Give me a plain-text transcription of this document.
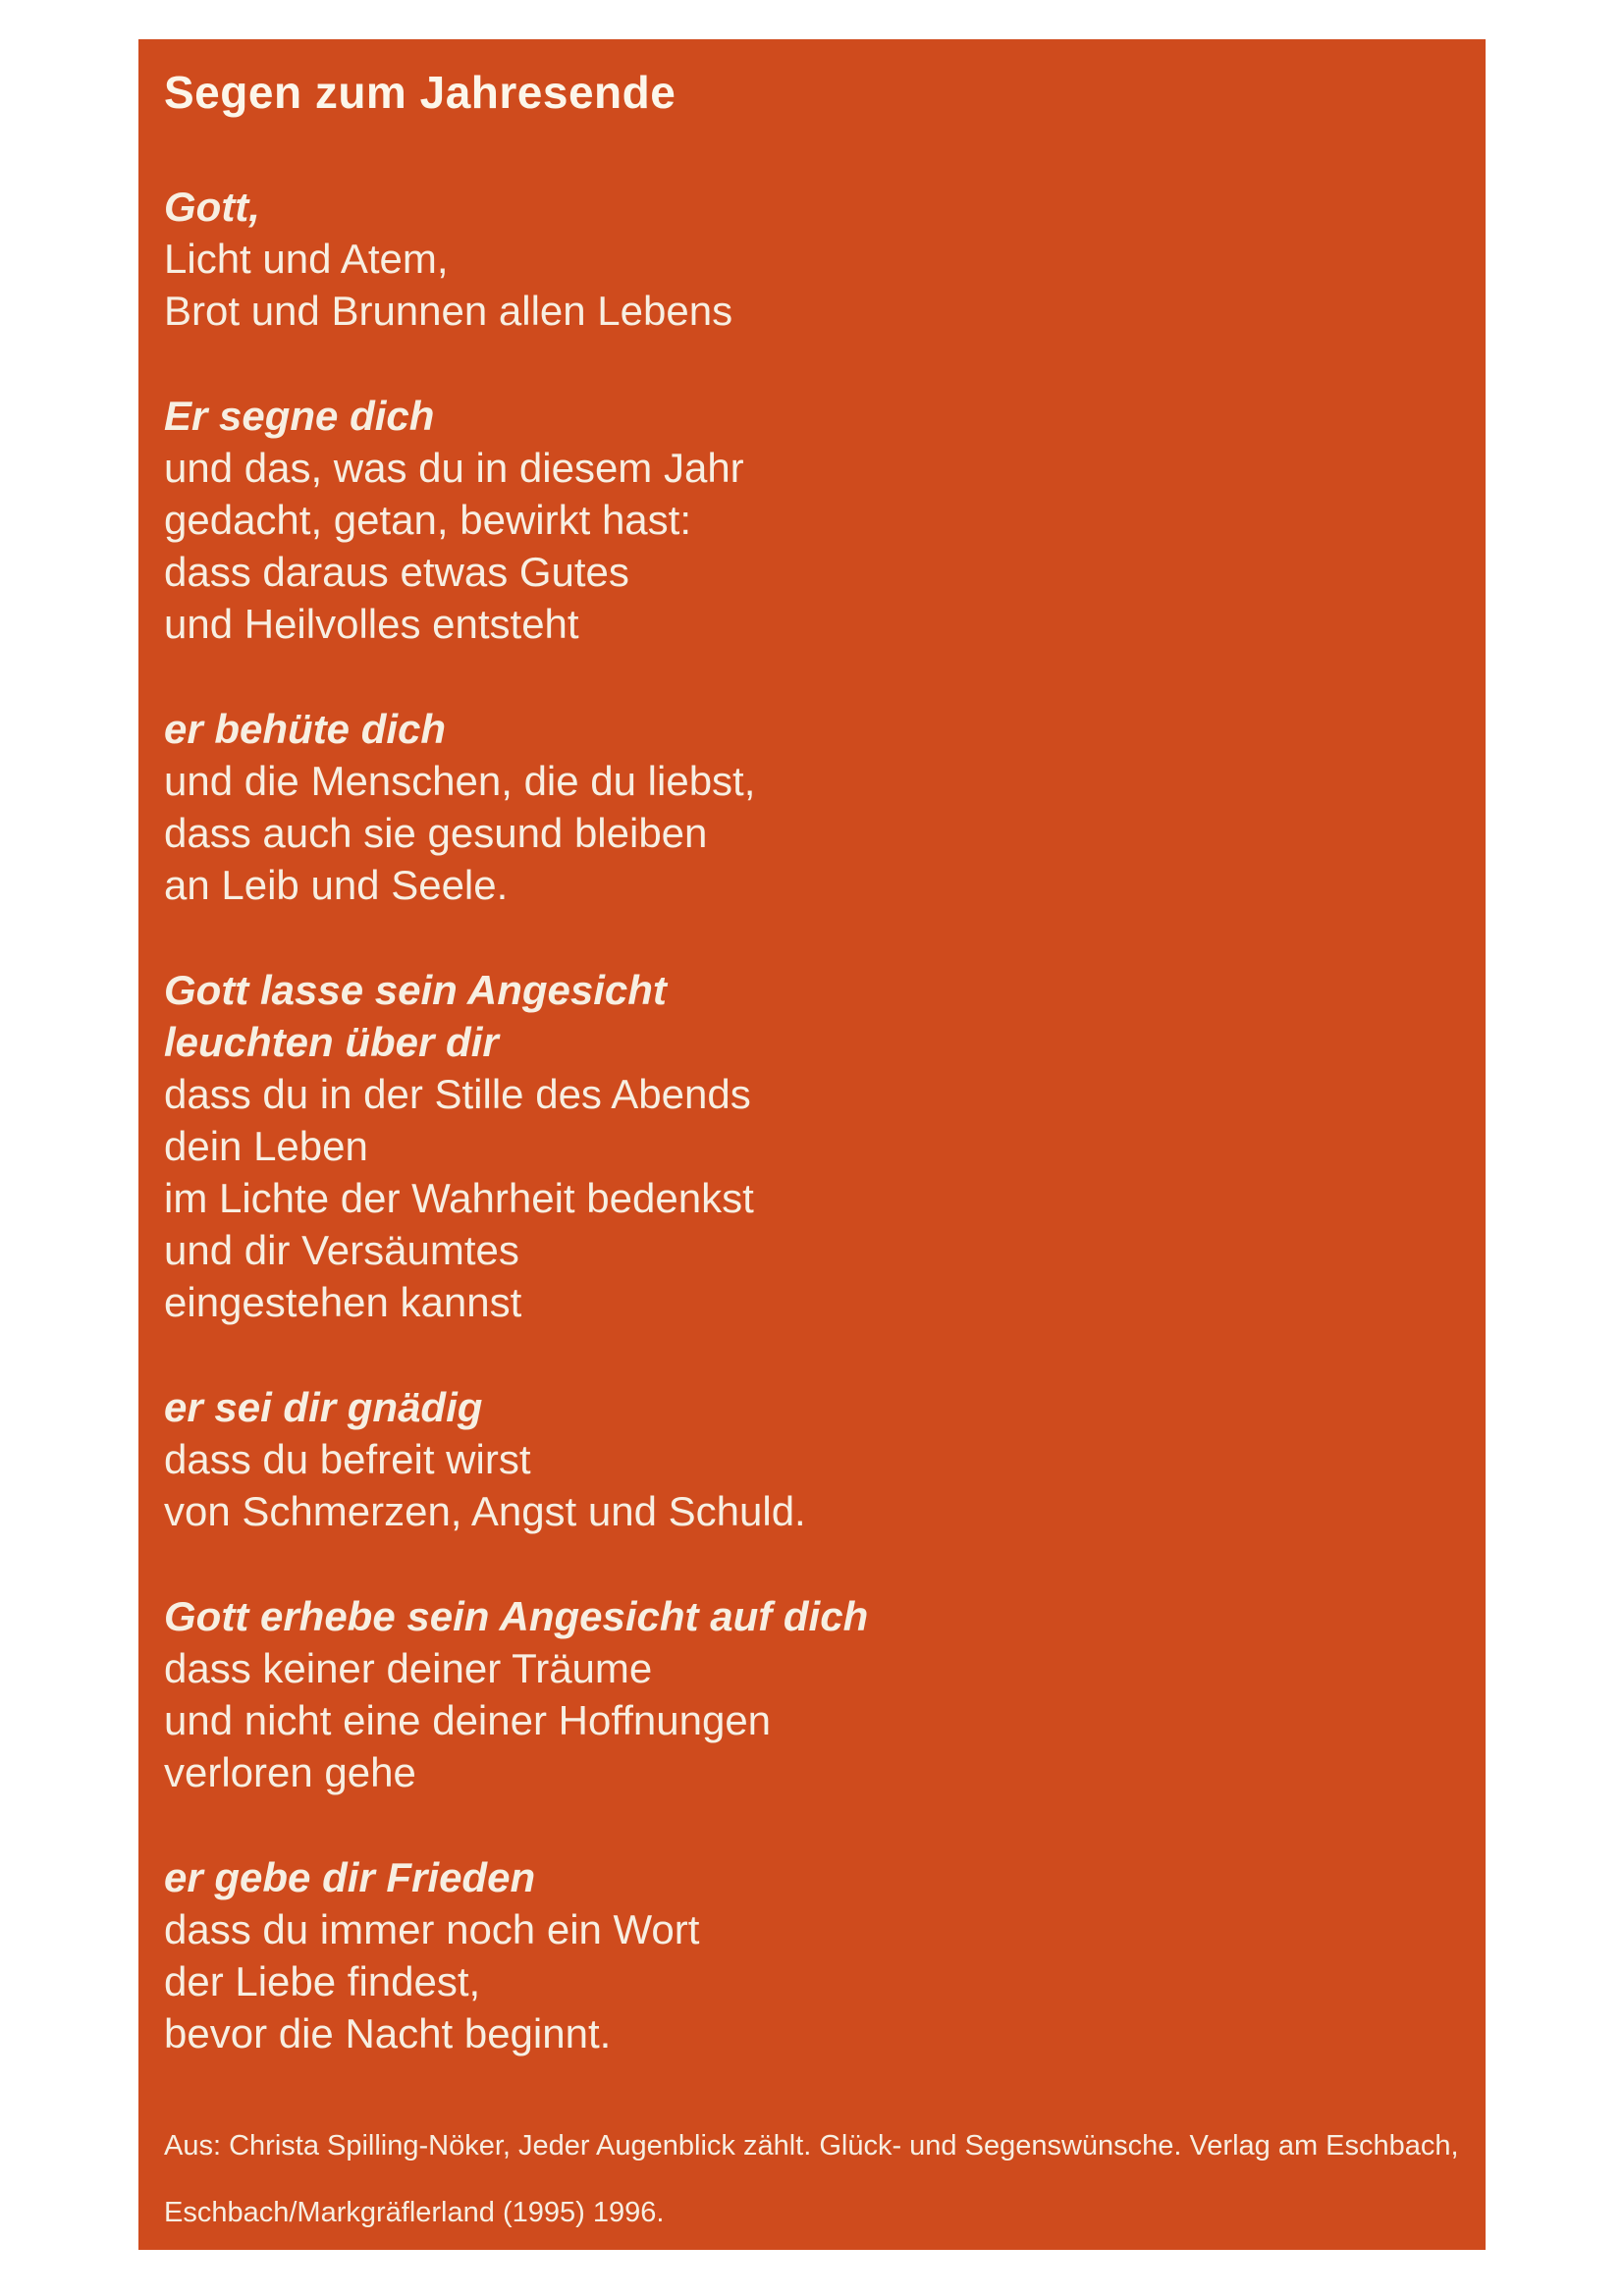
Segen zum Jahresende
Gott,
Licht und Atem,
Brot und Brunnen allen Lebens
Er segne dich
und das, was du in diesem Jahr
gedacht, getan, bewirkt hast:
dass daraus etwas Gutes
und Heilvolles entsteht
er behüte dich
und die Menschen, die du liebst,
dass auch sie gesund bleiben
an Leib und Seele.
Gott lasse sein Angesicht
leuchten über dir
dass du in der Stille des Abends
dein Leben
im Lichte der Wahrheit bedenkst
und dir Versäumtes
eingestehen kannst
er sei dir gnädig
dass du befreit wirst
von Schmerzen, Angst und Schuld.
Gott erhebe sein Angesicht auf dich
dass keiner deiner Träume
und nicht eine deiner Hoffnungen
verloren gehe
er gebe dir Frieden
dass du immer noch ein Wort
der Liebe findest,
bevor die Nacht beginnt.
Aus: Christa Spilling-Nöker, Jeder Augenblick zählt. Glück- und Segenswünsche. Verlag am Eschbach,
Eschbach/Markgräflerland (1995) 1996.
